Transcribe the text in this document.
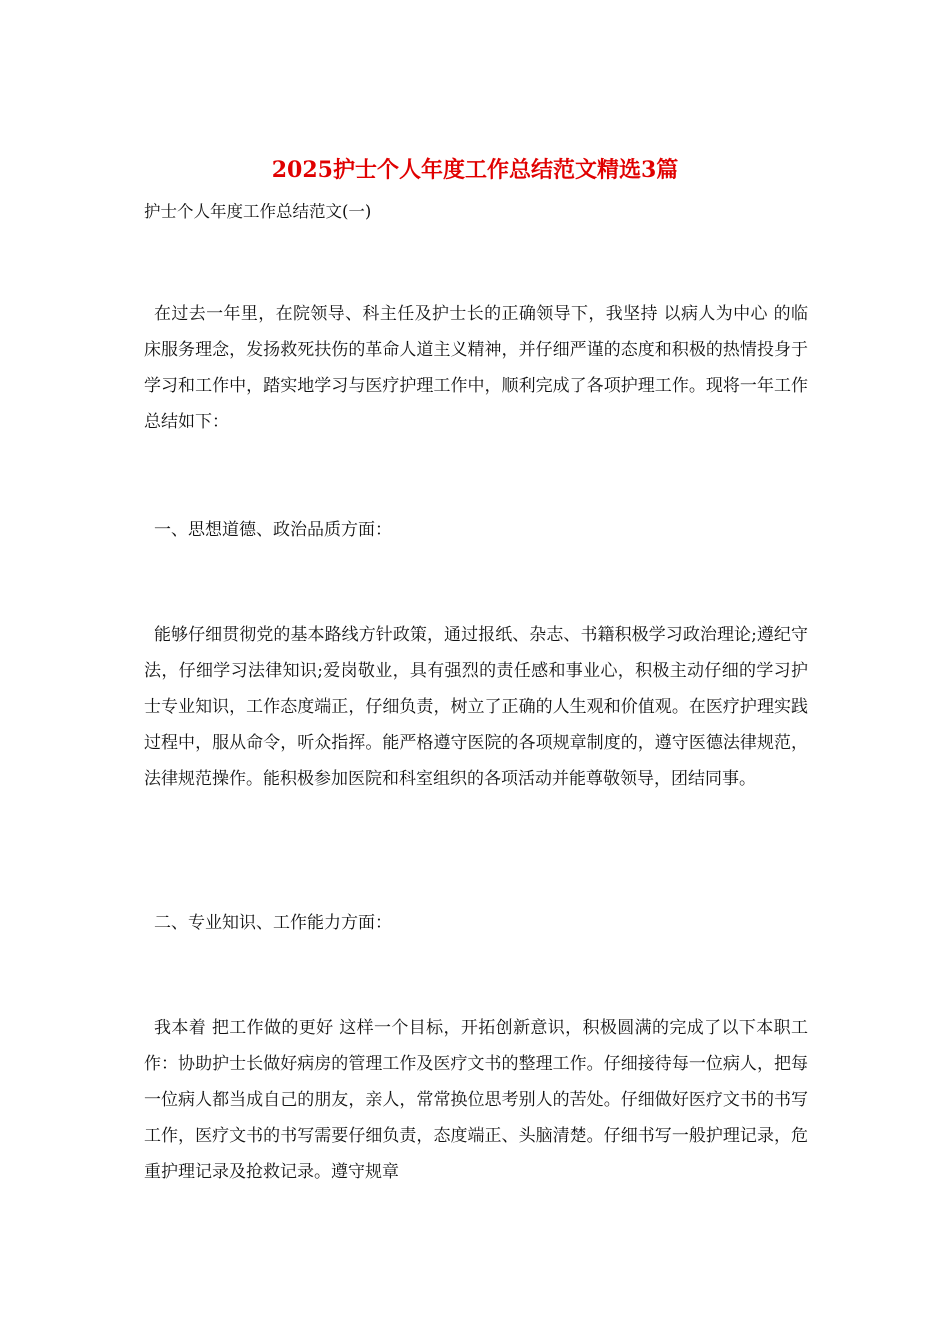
2025护士个人年度工作总结范文精选3篇
护士个人年度工作总结范文(一)

在过去一年里，在院领导、科主任及护士长的正确领导下，我坚持 以病人为中心 的临床服务理念，发扬救死扶伤的革命人道主义精神，并仔细严谨的态度和积极的热情投身于学习和工作中，踏实地学习与医疗护理工作中，顺利完成了各项护理工作。现将一年工作总结如下：

一、思想道德、政治品质方面：

能够仔细贯彻党的基本路线方针政策，通过报纸、杂志、书籍积极学习政治理论;遵纪守法，仔细学习法律知识;爱岗敬业，具有强烈的责任感和事业心，积极主动仔细的学习护士专业知识，工作态度端正，仔细负责，树立了正确的人生观和价值观。在医疗护理实践过程中，服从命令，听众指挥。能严格遵守医院的各项规章制度的，遵守医德法律规范，法律规范操作。能积极参加医院和科室组织的各项活动并能尊敬领导，团结同事。

二、专业知识、工作能力方面：

我本着 把工作做的更好 这样一个目标，开拓创新意识，积极圆满的完成了以下本职工作：协助护士长做好病房的管理工作及医疗文书的整理工作。仔细接待每一位病人，把每一位病人都当成自己的朋友，亲人，常常换位思考别人的苦处。仔细做好医疗文书的书写工作，医疗文书的书写需要仔细负责，态度端正、头脑清楚。仔细书写一般护理记录，危重护理记录及抢救记录。遵守规章
